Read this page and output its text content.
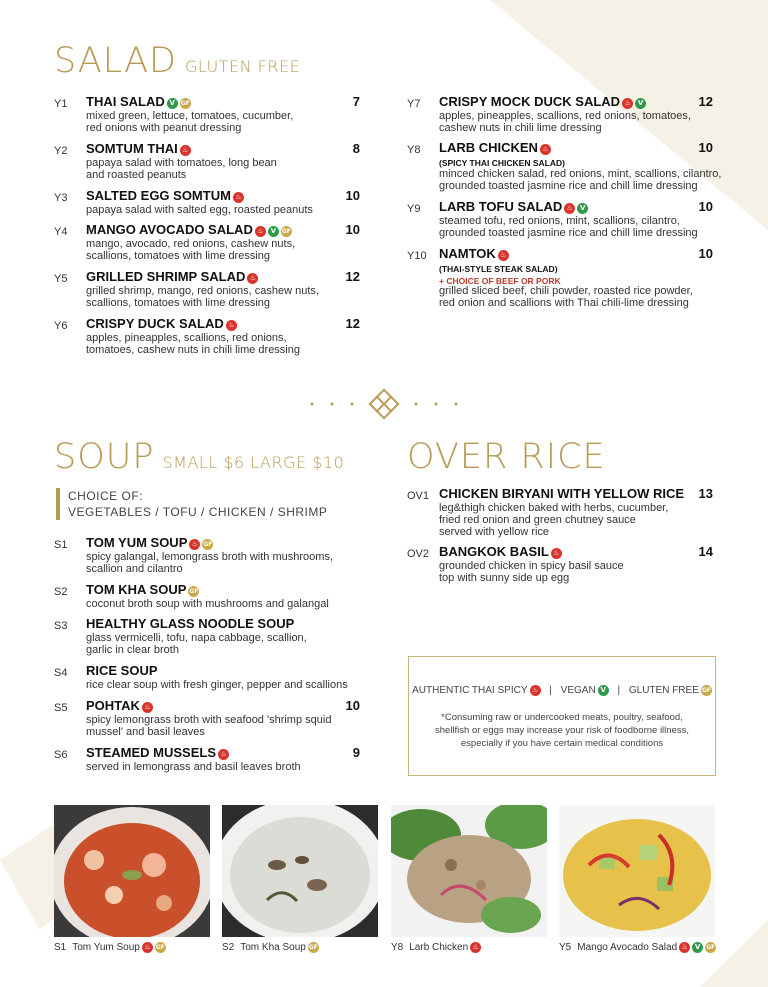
SALAD GLUTEN FREE
Y1 THAI SALAD V GF	7
mixed green, lettuce, tomatoes, cucumber,
red onions with peanut dressing
Y2 SOMTUM THAI ♨	8
papaya salad with tomatoes, long bean
and roasted peanuts
Y3 SALTED EGG SOMTUM ♨	10
papaya salad with salted egg, roasted peanuts
Y4 MANGO AVOCADO SALAD ♨ V GF	10
mango, avocado, red onions, cashew nuts,
scallions, tomatoes with lime dressing
Y5 GRILLED SHRIMP SALAD ♨	12
grilled shrimp, mango, red onions, cashew nuts,
scallions, tomatoes with lime dressing
Y6 CRISPY DUCK SALAD ♨	12
apples, pineapples, scallions, red onions,
tomatoes, cashew nuts in chili lime dressing
Y7 CRISPY MOCK DUCK SALAD ♨ V	12
apples, pineapples, scallions, red onions, tomatoes,
cashew nuts in chili lime dressing
Y8 LARB CHICKEN ♨	10
(SPICY THAI CHICKEN SALAD)
minced chicken salad, red onions, mint, scallions, cilantro,
grounded toasted jasmine rice and chill lime dressing
Y9 LARB TOFU SALAD ♨ V	10
steamed tofu, red onions, mint, scallions, cilantro,
grounded toasted jasmine rice and chill lime dressing
Y10 NAMTOK ♨	10
(THAI-STYLE STEAK SALAD)
+ CHOICE OF BEEF OR PORK
grilled sliced beef, chili powder, roasted rice powder,
red onion and scallions with Thai chili-lime dressing
SOUP SMALL $6 LARGE $10
CHOICE OF:
VEGETABLES / TOFU / CHICKEN / SHRIMP
S1 TOM YUM SOUP ♨ GF
spicy galangal, lemongrass broth with mushrooms,
scallion and cilantro
S2 TOM KHA SOUP GF
coconut broth soup with mushrooms and galangal
S3 HEALTHY GLASS NOODLE SOUP
glass vermicelli, tofu, napa cabbage, scallion,
garlic in clear broth
S4 RICE SOUP
rice clear soup with fresh ginger, pepper and scallions
S5 POHTAK ♨	10
spicy lemongrass broth with seafood 'shrimp squid
mussel' and basil leaves
S6 STEAMED MUSSELS ♨	9
served in lemongrass and basil leaves broth
OVER RICE
OV1 CHICKEN BIRYANI WITH YELLOW RICE 13
leg&thigh chicken baked with herbs, cucumber,
fried red onion and green chutney sauce
served with yellow rice
OV2 BANGKOK BASIL ♨	14
grounded chicken in spicy basil sauce
top with sunny side up egg
AUTHENTIC THAI SPICY ♨ | VEGAN V | GLUTEN FREE GF
*Consuming raw or undercooked meats, poultry, seafood, shellfish or eggs may increase your risk of foodborne illness, especially if you have certain medical conditions
S1 Tom Yum Soup ♨ GF	S2 Tom Kha Soup GF	Y8 Larb Chicken ♨	Y5 Mango Avocado Salad ♨ V GF
